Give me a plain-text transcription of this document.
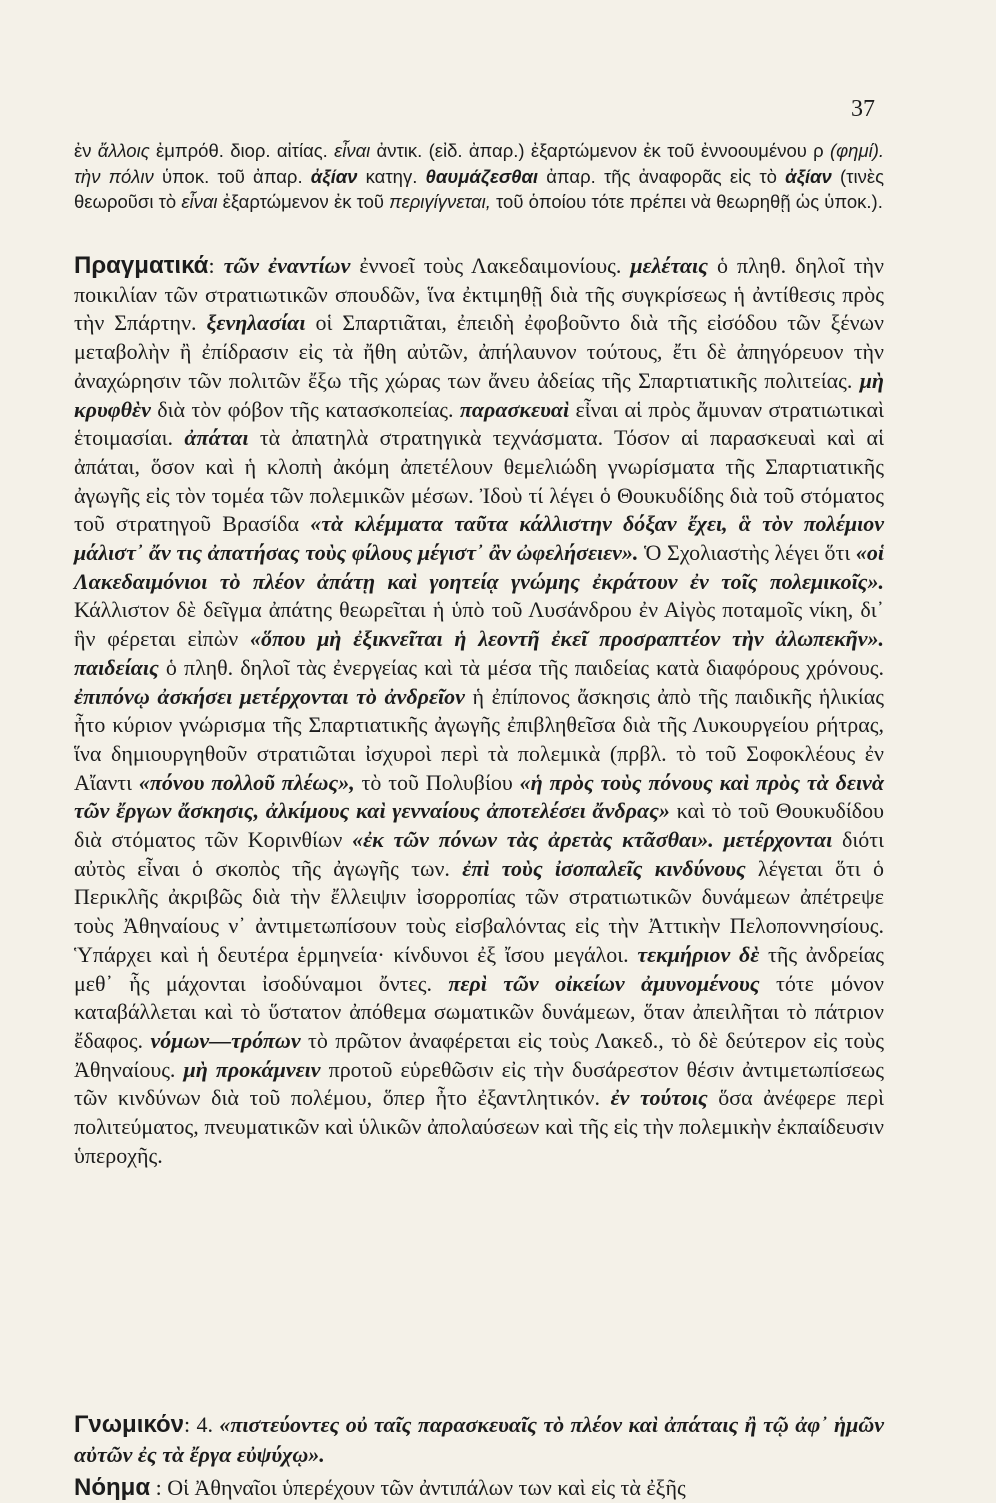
37

ἐν ἄλλοις ἐμπρόθ. διορ. αἰτίας. εἶναι ἀντικ. (εἰδ. ἀπαρ.) ἐξαρτώμενον ἐκ τοῦ ἐννοουμένου ρ (φημί). τὴν πόλιν ὑποκ. τοῦ ἀπαρ. ἀξίαν κατηγ. θαυμάζεσθαι ἀπαρ. τῆς ἀναφορᾶς εἰς τὸ ἀξίαν (τινὲς θεωροῦσι τὸ εἶναι ἐξαρτώμενον ἐκ τοῦ περιγίγνεται, τοῦ ὁποίου τότε πρέπει νὰ θεωρηθῇ ὡς ὑποκ.).

Πραγματικά: τῶν ἐναντίων ἐννοεῖ τοὺς Λακεδαιμονίους. μελέταις ὁ πληθ. δηλοῖ τὴν ποικιλίαν τῶν στρατιωτικῶν σπουδῶν, ἵνα ἐκτιμηθῇ διὰ τῆς συγκρίσεως ἡ ἀντίθεσις πρὸς τὴν Σπάρτην. ξενηλασίαι οἱ Σπαρτιᾶται, ἐπειδὴ ἐφοβοῦντο διὰ τῆς εἰσόδου τῶν ξένων μεταβολὴν ἢ ἐπίδρασιν εἰς τὰ ἤθη αὐτῶν, ἀπήλαυνον τούτους, ἔτι δὲ ἀπηγόρευον τὴν ἀναχώρησιν τῶν πολιτῶν ἔξω τῆς χώρας των ἄνευ ἀδείας τῆς Σπαρτιατικῆς πολιτείας. μὴ κρυφθὲν διὰ τὸν φόβον τῆς κατασκοπείας. παρασκευαὶ εἶναι αἱ πρὸς ἄμυναν στρατιωτικαὶ ἑτοιμασίαι. ἀπάται τὰ ἀπατηλὰ στρατηγικὰ τεχνάσματα. Τόσον αἱ παρασκευαὶ καὶ αἱ ἀπάται, ὅσον καὶ ἡ κλοπὴ ἀκόμη ἀπετέλουν θεμελιώδη γνωρίσματα τῆς Σπαρτιατικῆς ἀγωγῆς εἰς τὸν τομέα τῶν πολεμικῶν μέσων. Ἰδοὺ τί λέγει ὁ Θουκυδίδης διὰ τοῦ στόματος τοῦ στρατηγοῦ Βρασίδα «τὰ κλέμματα ταῦτα κάλλιστην δόξαν ἔχει, ἃ τὸν πολέμιον μάλιστ᾽ ἄν τις ἀπατήσας τοὺς φίλους μέγιστ᾽ ἂν ὠφελήσειεν». Ὁ Σχολιαστὴς λέγει ὅτι «οἱ Λακεδαιμόνιοι τὸ πλέον ἀπάτῃ καὶ γοητείᾳ γνώμης ἐκράτουν ἐν τοῖς πολεμικοῖς». Κάλλιστον δὲ δεῖγμα ἀπάτης θεωρεῖται ἡ ὑπὸ τοῦ Λυσάνδρου ἐν Αἰγὸς ποταμοῖς νίκη, δι᾽ ἣν φέρεται εἰπὼν «ὅπου μὴ ἐξικνεῖται ἡ λεοντῆ ἐκεῖ προσραπτέον τὴν ἀλωπεκῆν». παιδείαις ὁ πληθ. δηλοῖ τὰς ἐνεργείας καὶ τὰ μέσα τῆς παιδείας κατὰ διαφόρους χρόνους. ἐπιπόνῳ ἀσκήσει μετέρχονται τὸ ἀνδρεῖον ἡ ἐπίπονος ἄσκησις ἀπὸ τῆς παιδικῆς ἡλικίας ἦτο κύριον γνώρισμα τῆς Σπαρτιατικῆς ἀγωγῆς ἐπιβληθεῖσα διὰ τῆς Λυκουργείου ρήτρας, ἵνα δημιουργηθοῦν στρατιῶται ἰσχυροὶ περὶ τὰ πολεμικὰ (πρβλ. τὸ τοῦ Σοφοκλέους ἐν Αἴαντι «πόνου πολλοῦ πλέως», τὸ τοῦ Πολυβίου «ἡ πρὸς τοὺς πόνους καὶ πρὸς τὰ δεινὰ τῶν ἔργων ἄσκησις, ἀλκίμους καὶ γενναίους ἀποτελέσει ἄνδρας» καὶ τὸ τοῦ Θουκυδίδου διὰ στόματος τῶν Κορινθίων «ἐκ τῶν πόνων τὰς ἀρετὰς κτᾶσθαι». μετέρχονται διότι αὐτὸς εἶναι ὁ σκοπὸς τῆς ἀγωγῆς των. ἐπὶ τοὺς ἰσοπαλεῖς κινδύνους λέγεται ὅτι ὁ Περικλῆς ἀκριβῶς διὰ τὴν ἔλλειψιν ἰσορροπίας τῶν στρατιωτικῶν δυνάμεων ἀπέτρεψε τοὺς Ἀθηναίους ν᾽ ἀντιμετωπίσουν τοὺς εἰσβαλόντας εἰς τὴν Ἀττικὴν Πελοποννησίους. Ὑπάρχει καὶ ἡ δευτέρα ἑρμηνεία· κίνδυνοι ἐξ ἴσου μεγάλοι. τεκμήριον δὲ τῆς ἀνδρείας μεθ᾽ ἧς μάχονται ἰσοδύναμοι ὄντες. περὶ τῶν οἰκείων ἀμυνομένους τότε μόνον καταβάλλεται καὶ τὸ ὕστατον ἀπόθεμα σωματικῶν δυνάμεων, ὅταν ἀπειλῆται τὸ πάτριον ἔδαφος. νόμων—τρόπων τὸ πρῶτον ἀναφέρεται εἰς τοὺς Λακεδ., τὸ δὲ δεύτερον εἰς τοὺς Ἀθηναίους. μὴ προκάμνειν προτοῦ εὑρεθῶσιν εἰς τὴν δυσάρεστον θέσιν ἀντιμετωπίσεως τῶν κινδύνων διὰ τοῦ πολέμου, ὅπερ ἦτο ἐξαντλητικόν. ἐν τούτοις ὅσα ἀνέφερε περὶ πολιτεύματος, πνευματικῶν καὶ ὑλικῶν ἀπολαύσεων καὶ τῆς εἰς τὴν πολεμικὴν ἐκπαίδευσιν ὑπεροχῆς.

Γνωμικόν: 4. «πιστεύοντες οὐ ταῖς παρασκευαῖς τὸ πλέον καὶ ἀπάταις ἢ τῷ ἀφ᾽ ἡμῶν αὐτῶν ἐς τὰ ἔργα εὐψύχῳ».

Νόημα : Οἱ Ἀθηναῖοι ὑπερέχουν τῶν ἀντιπάλων των καὶ εἰς τὰ ἐξῆς
